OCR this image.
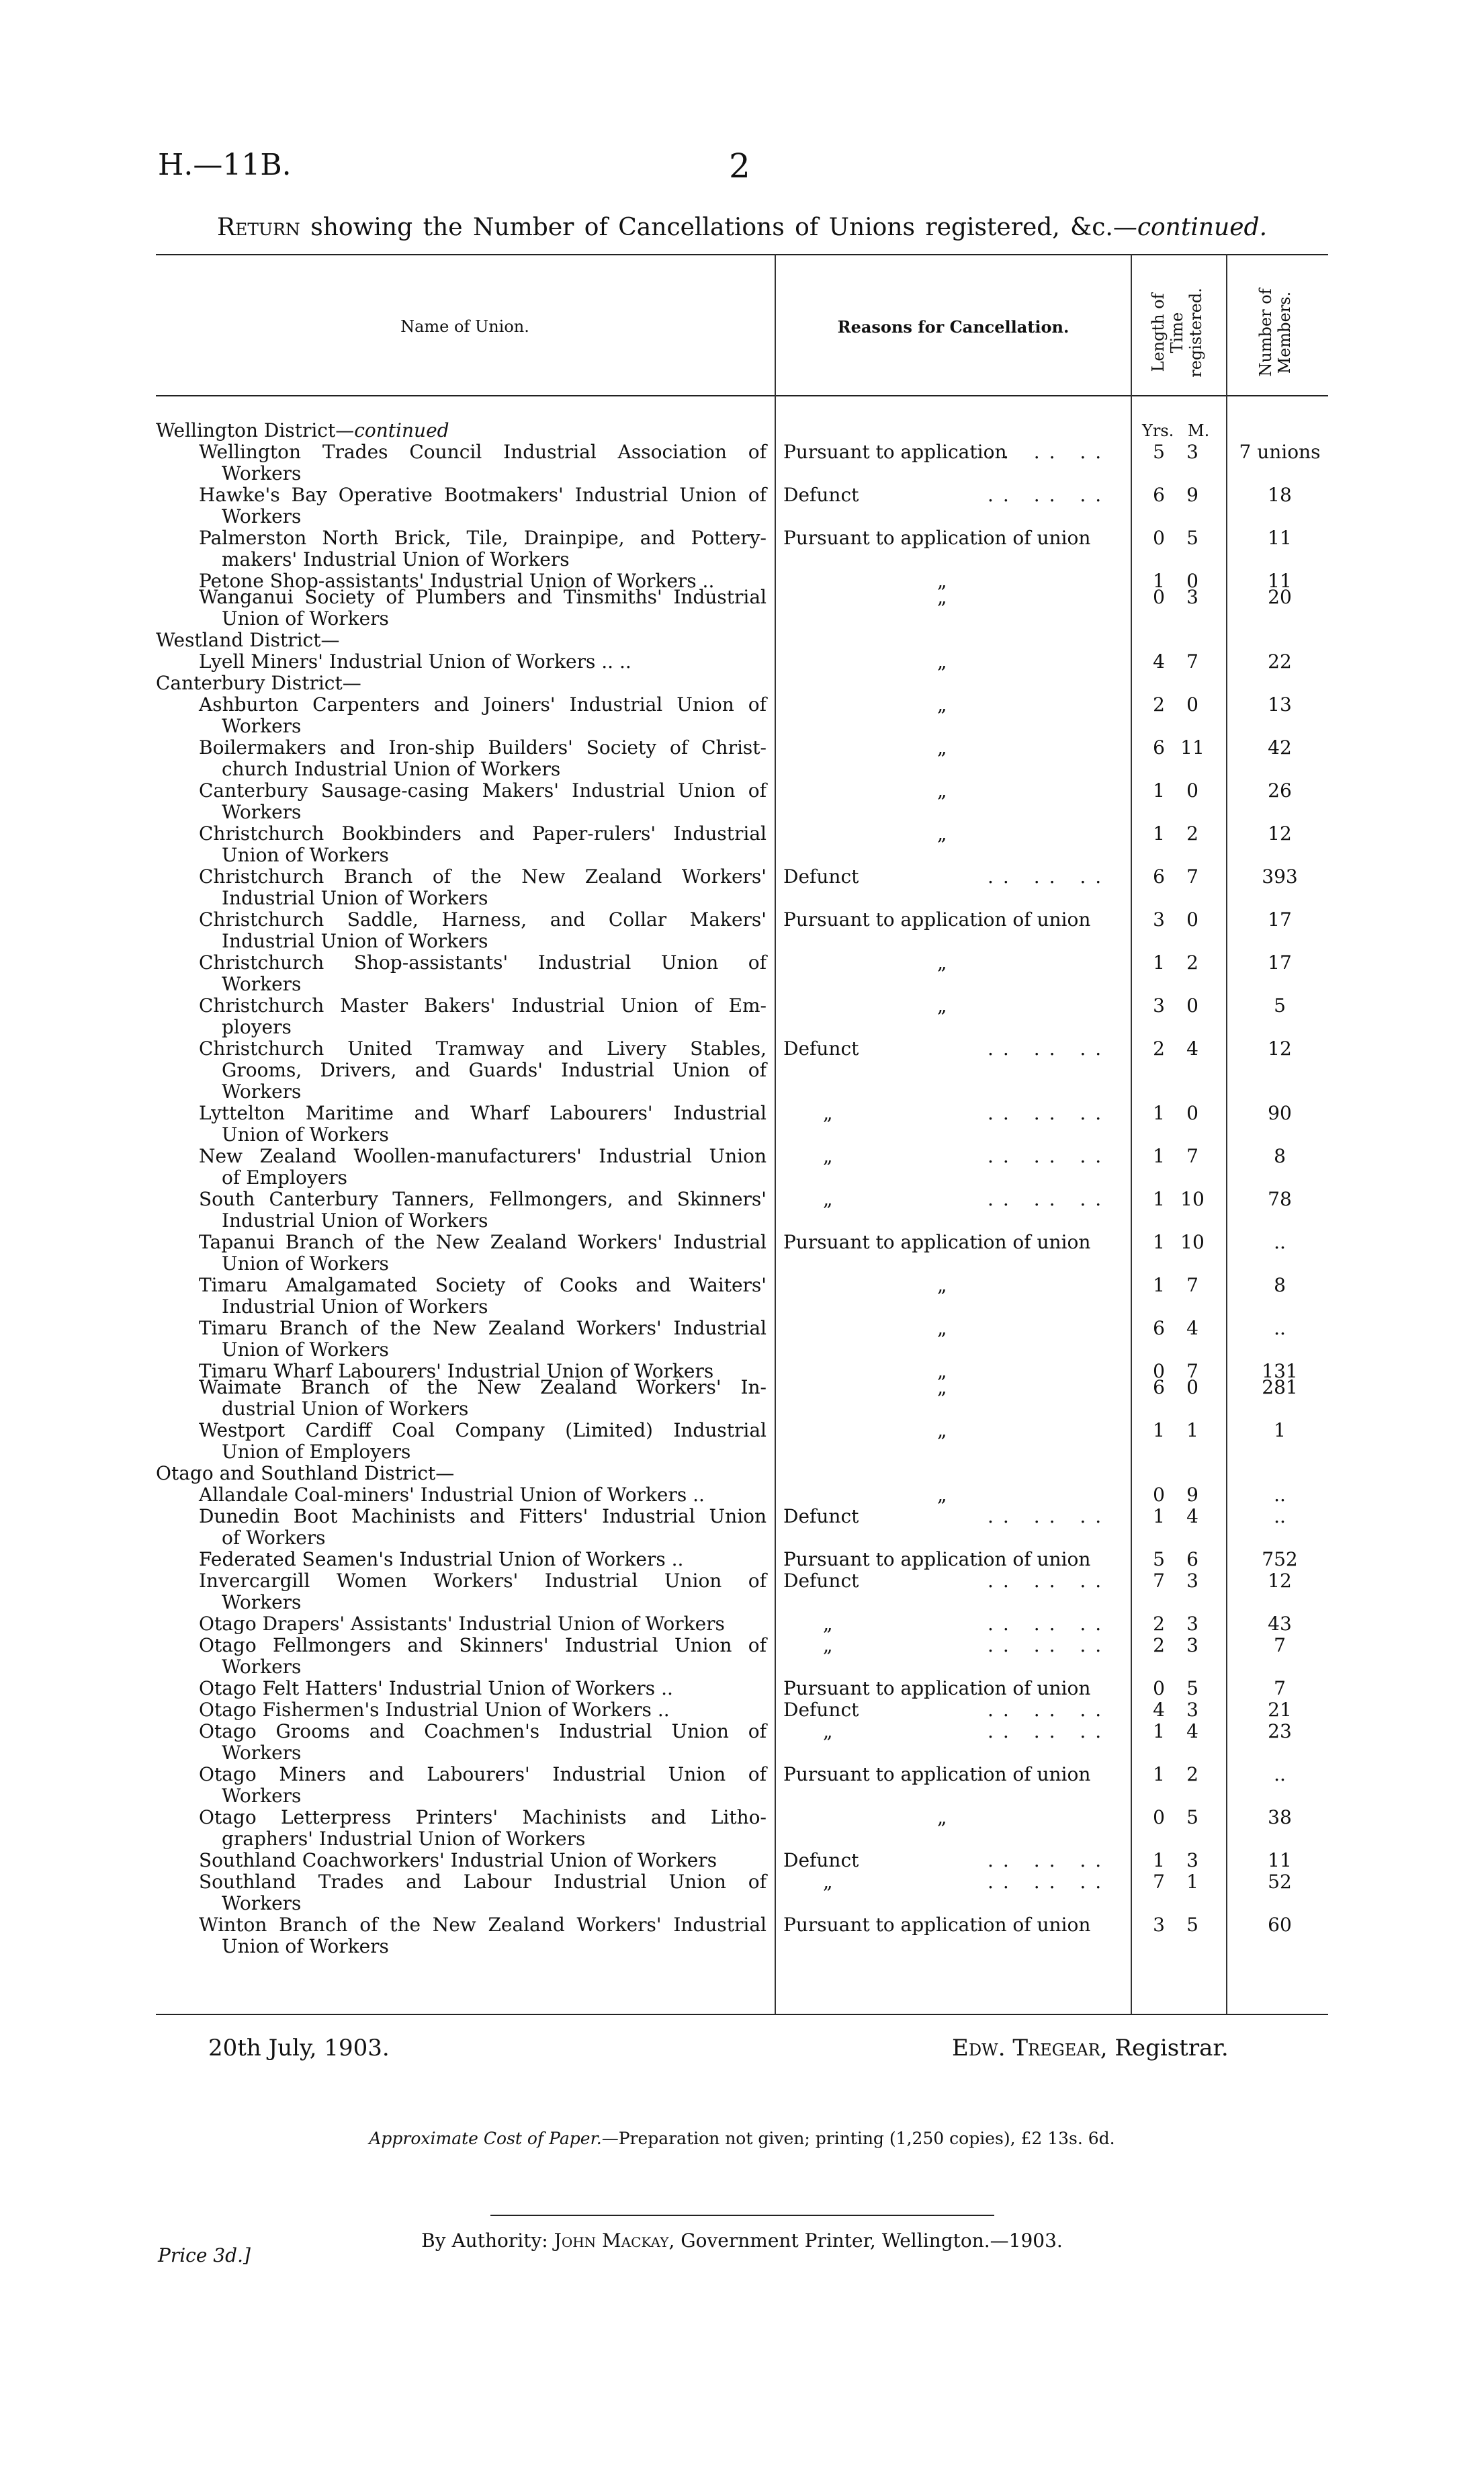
H.—11B.	2
Return showing the Number of Cancellations of Unions registered, &c.—continued.
Name of Union.	Reasons for Cancellation.	Length of Time registered.	Number of Members.
Yrs. M.
Wellington District—continued
Wellington Trades Council Industrial Association of
Workers
Pursuant to application
.. .. ..	5	3	7 unions
Hawke's Bay Operative Bootmakers' Industrial Union of
Workers
Defunct	.. .. ..	6	9	18
Palmerston North Brick, Tile, Drainpipe, and Pottery-
makers' Industrial Union of Workers
Pursuant to application of union	0	5	11
Petone Shop-assistants' Industrial Union of Workers ..	„	1	0	11
Wanganui Society of Plumbers and Tinsmiths' Industrial
Union of Workers
„	0	3	20
Westland District—
Lyell Miners' Industrial Union of Workers .. ..	„	4	7	22
Canterbury District—
Ashburton Carpenters and Joiners' Industrial Union of
Workers
„	2	0	13
Boilermakers and Iron-ship Builders' Society of Christ-
church Industrial Union of Workers
„	6 11	42
Canterbury Sausage-casing Makers' Industrial Union of
Workers
„	1	0	26
Christchurch Bookbinders and Paper-rulers' Industrial
Union of Workers
„	1	2	12
Christchurch Branch of the New Zealand Workers'
Industrial Union of Workers
Defunct	.. .. ..	6	7	393
Christchurch Saddle, Harness, and Collar Makers'
Industrial Union of Workers
Pursuant to application of union	3	0	17
Christchurch Shop-assistants' Industrial Union of
Workers
„	1	2	17
Christchurch Master Bakers' Industrial Union of Em-
ployers
„	3	0	5
Christchurch United Tramway and Livery Stables,
Grooms, Drivers, and Guards' Industrial Union of
Workers
Defunct	.. .. ..	2	4	12
Lyttelton Maritime and Wharf Labourers' Industrial
Union of Workers
„	.. .. ..	1	0	90
New Zealand Woollen-manufacturers' Industrial Union
of Employers
„	.. .. ..	1	7	8
South Canterbury Tanners, Fellmongers, and Skinners'
Industrial Union of Workers
„	.. .. ..	1 10	78
Tapanui Branch of the New Zealand Workers' Industrial
Union of Workers
Pursuant to application of union	1 10	..
Timaru Amalgamated Society of Cooks and Waiters'
Industrial Union of Workers
„	1	7	8
Timaru Branch of the New Zealand Workers' Industrial
Union of Workers
„	6	4	..
Timaru Wharf Labourers' Industrial Union of Workers	„	0	7	131
Waimate Branch of the New Zealand Workers' In-
dustrial Union of Workers
„	6	0	281
Westport Cardiff Coal Company (Limited) Industrial
Union of Employers
„	1	1	1
Otago and Southland District—
Allandale Coal-miners' Industrial Union of Workers ..	„	0	9	..
Dunedin Boot Machinists and Fitters' Industrial Union
of Workers
Defunct	.. .. ..	1	4	..
Federated Seamen's Industrial Union of Workers ..	Pursuant to application of union	5	6	752
Invercargill Women Workers' Industrial Union of
Workers
Defunct	.. .. ..	7	3	12
Otago Drapers' Assistants' Industrial Union of Workers	„	.. .. ..	2	3	43
Otago Fellmongers and Skinners' Industrial Union of
Workers
„	.. .. ..	2	3	7
Otago Felt Hatters' Industrial Union of Workers ..	Pursuant to application of union	0	5	7
Otago Fishermen's Industrial Union of Workers ..	Defunct	.. .. ..	4	3	21
Otago Grooms and Coachmen's Industrial Union of
Workers
„	.. .. ..	1	4	23
Otago Miners and Labourers' Industrial Union of
Workers
Pursuant to application of union	1	2	..
Otago Letterpress Printers' Machinists and Litho-
graphers' Industrial Union of Workers
„	0	5	38
Southland Coachworkers' Industrial Union of Workers	Defunct	.. .. ..	1	3	11
Southland Trades and Labour Industrial Union of
Workers
„	.. .. ..	7	1	52
Winton Branch of the New Zealand Workers' Industrial
Union of Workers
Pursuant to application of union	3	5	60
20th July, 1903.	Edw. Tregear, Registrar.
Approximate Cost of Paper.—Preparation not given; printing (1,250 copies), £2 13s. 6d.
By Authority: John Mackay, Government Printer, Wellington.—1903.
Price 3d.]
